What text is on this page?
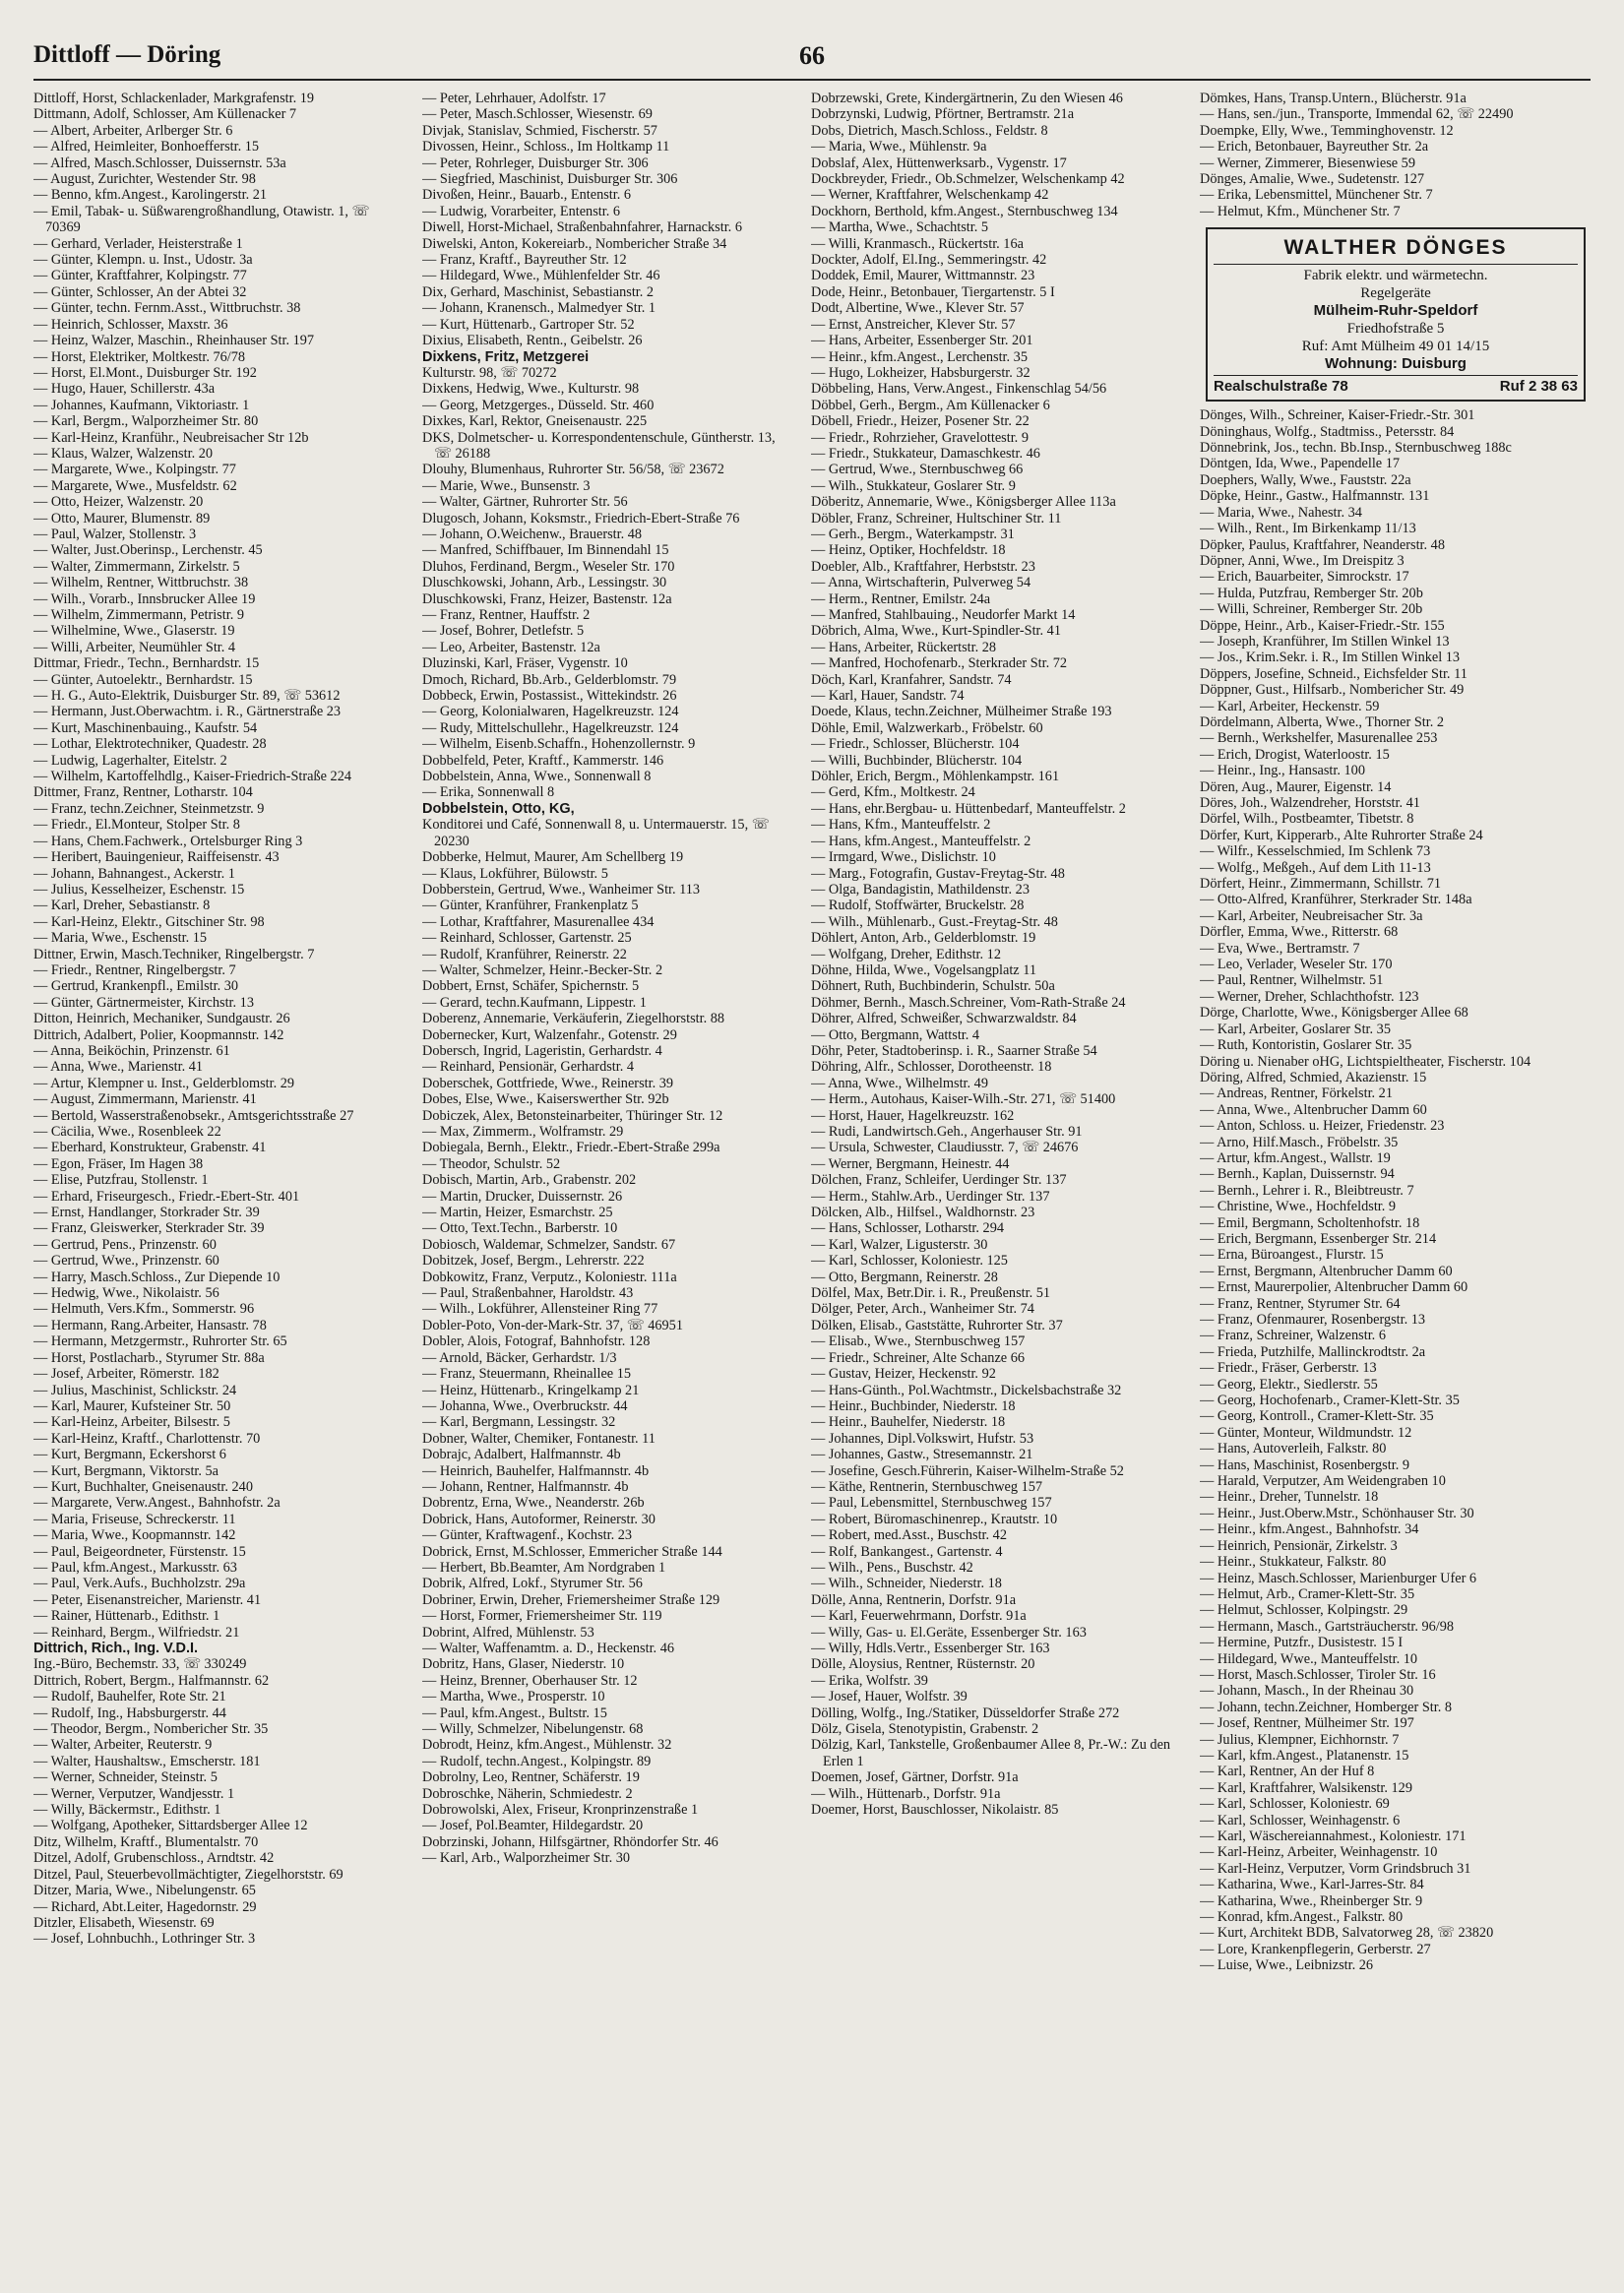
Dittloff — Döring	66
Dittloff, Horst, Schlackenlader, Markgrafenstr. 19
Dittmann, Adolf, Schlosser, Am Küllenacker 7
— Albert, Arbeiter, Arlberger Str. 6
— Alfred, Heimleiter, Bonhoefferstr. 15
— Alfred, Masch.Schlosser, Duissernstr. 53a
— August, Zurichter, Westender Str. 98
— Benno, kfm.Angest., Karolingerstr. 21
— Emil, Tabak- u. Süßwarengroßhandlung, Otawistr. 1, ☏ 70369
— Gerhard, Verlader, Heisterstraße 1
— Günter, Klempn. u. Inst., Udostr. 3a
— Günter, Kraftfahrer, Kolpingstr. 77
— Günter, Schlosser, An der Abtei 32
— Günter, techn. Fernm.Asst., Wittbruchstr. 38
— Heinrich, Schlosser, Maxstr. 36
— Heinz, Walzer, Maschin., Rheinhauser Str. 197
— Horst, Elektriker, Moltkestr. 76/78
— Horst, El.Mont., Duisburger Str. 192
— Hugo, Hauer, Schillerstr. 43a
— Johannes, Kaufmann, Viktoriastr. 1
— Karl, Bergm., Walporzheimer Str. 80
— Karl-Heinz, Kranführ., Neubreisacher Str 12b
— Klaus, Walzer, Walzenstr. 20
— Margarete, Wwe., Kolpingstr. 77
— Margarete, Wwe., Musfeldstr. 62
— Otto, Heizer, Walzenstr. 20
— Otto, Maurer, Blumenstr. 89
— Paul, Walzer, Stollenstr. 3
— Walter, Just.Oberinsp., Lerchenstr. 45
— Walter, Zimmermann, Zirkelstr. 5
— Wilhelm, Rentner, Wittbruchstr. 38
— Wilh., Vorarb., Innsbrucker Allee 19
— Wilhelm, Zimmermann, Petristr. 9
— Wilhelmine, Wwe., Glaserstr. 19
— Willi, Arbeiter, Neumühler Str. 4
Dittmar, Friedr., Techn., Bernhardstr. 15
— Günter, Autoelektr., Bernhardstr. 15
— H. G., Auto-Elektrik, Duisburger Str. 89, ☏ 53612
— Hermann, Just.Oberwachtm. i. R., Gärtnerstraße 23
— Kurt, Maschinenbauing., Kaufstr. 54
— Lothar, Elektrotechniker, Quadestr. 28
— Ludwig, Lagerhalter, Eitelstr. 2
— Wilhelm, Kartoffelhdlg., Kaiser-Friedrich-Straße 224
Dittmer, Franz, Rentner, Lotharstr. 104
— Franz, techn.Zeichner, Steinmetzstr. 9
— Friedr., El.Monteur, Stolper Str. 8
— Hans, Chem.Fachwerk., Ortelsburger Ring 3
— Heribert, Bauingenieur, Raiffeisenstr. 43
— Johann, Bahnangest., Ackerstr. 1
— Julius, Kesselheizer, Eschenstr. 15
— Karl, Dreher, Sebastianstr. 8
— Karl-Heinz, Elektr., Gitschiner Str. 98
— Maria, Wwe., Eschenstr. 15
Dittner, Erwin, Masch.Techniker, Ringelbergstr. 7
— Friedr., Rentner, Ringelbergstr. 7
— Gertrud, Krankenpfl., Emilstr. 30
— Günter, Gärtnermeister, Kirchstr. 13
Ditton, Heinrich, Mechaniker, Sundgaustr. 26
Dittrich, Adalbert, Polier, Koopmannstr. 142
— Anna, Beiköchin, Prinzenstr. 61
— Anna, Wwe., Marienstr. 41
— Artur, Klempner u. Inst., Gelderblomstr. 29
— August, Zimmermann, Marienstr. 41
— Bertold, Wasserstraßenobsekr., Amtsgerichtsstraße 27
— Cäcilia, Wwe., Rosenbleek 22
— Eberhard, Konstrukteur, Grabenstr. 41
— Egon, Fräser, Im Hagen 38
— Elise, Putzfrau, Stollenstr. 1
— Erhard, Friseurgesch., Friedr.-Ebert-Str. 401
— Ernst, Handlanger, Storkrader Str. 39
— Franz, Gleiswerker, Sterkrader Str. 39
— Gertrud, Pens., Prinzenstr. 60
— Gertrud, Wwe., Prinzenstr. 60
— Harry, Masch.Schloss., Zur Diepende 10
— Hedwig, Wwe., Nikolaistr. 56
— Helmuth, Vers.Kfm., Sommerstr. 96
— Hermann, Rang.Arbeiter, Hansastr. 78
— Hermann, Metzgermstr., Ruhrorter Str. 65
— Horst, Postlacharb., Styrumer Str. 88a
— Josef, Arbeiter, Römerstr. 182
— Julius, Maschinist, Schlickstr. 24
— Karl, Maurer, Kufsteiner Str. 50
— Karl-Heinz, Arbeiter, Bilsestr. 5
— Karl-Heinz, Kraftf., Charlottenstr. 70
— Kurt, Bergmann, Eckershorst 6
— Kurt, Bergmann, Viktorstr. 5a
— Kurt, Buchhalter, Gneisenaustr. 240
— Margarete, Verw.Angest., Bahnhofstr. 2a
— Maria, Friseuse, Schreckerstr. 11
— Maria, Wwe., Koopmannstr. 142
— Paul, Beigeordneter, Fürstenstr. 15
— Paul, kfm.Angest., Markusstr. 63
— Paul, Verk.Aufs., Buchholzstr. 29a
— Peter, Eisenanstreicher, Marienstr. 41
— Rainer, Hüttenarb., Edithstr. 1
— Reinhard, Bergm., Wilfriedstr. 21
Dittrich, Rich., Ing. V.D.I.
Ing.-Büro, Bechemstr. 33, ☏ 330249
Dittrich, Robert, Bergm., Halfmannstr. 62
— Rudolf, Bauhelfer, Rote Str. 21
— Rudolf, Ing., Habsburgerstr. 44
— Theodor, Bergm., Nombericher Str. 35
— Walter, Arbeiter, Reuterstr. 9
— Walter, Haushaltsw., Emscherstr. 181
— Werner, Schneider, Steinstr. 5
— Werner, Verputzer, Wandjesstr. 1
— Willy, Bäckermstr., Edithstr. 1
— Wolfgang, Apotheker, Sittardsberger Allee 12
Ditz, Wilhelm, Kraftf., Blumentalstr. 70
Ditzel, Adolf, Grubenschloss., Arndtstr. 42
Ditzel, Paul, Steuerbevollmächtigter, Ziegelhorststr. 69
Ditzer, Maria, Wwe., Nibelungenstr. 65
— Richard, Abt.Leiter, Hagedornstr. 29
Ditzler, Elisabeth, Wiesenstr. 69
— Josef, Lohnbuchh., Lothringer Str. 3
— Peter, Lehrhauer, Adolfstr. 17
— Peter, Masch.Schlosser, Wiesenstr. 69
Divjak, Stanislav, Schmied, Fischerstr. 57
Divossen, Heinr., Schloss., Im Holtkamp 11
— Peter, Rohrleger, Duisburger Str. 306
— Siegfried, Maschinist, Duisburger Str. 306
Divoßen, Heinr., Bauarb., Entenstr. 6
— Ludwig, Vorarbeiter, Entenstr. 6
Diwell, Horst-Michael, Straßenbahnfahrer, Harnackstr. 6
Diwelski, Anton, Kokereiarb., Nombericher Straße 34
— Franz, Kraftf., Bayreuther Str. 12
— Hildegard, Wwe., Mühlenfelder Str. 46
Dix, Gerhard, Maschinist, Sebastianstr. 2
— Johann, Kranensch., Malmedyer Str. 1
— Kurt, Hüttenarb., Gartroper Str. 52
Dixius, Elisabeth, Rentn., Geibelstr. 26
Dixkens, Fritz, Metzgerei
Kulturstr. 98, ☏ 70272
Dixkens, Hedwig, Wwe., Kulturstr. 98
— Georg, Metzgerges., Düsseld. Str. 460
Dixkes, Karl, Rektor, Gneisenaustr. 225
DKS, Dolmetscher- u. Korrespondentenschule, Güntherstr. 13, ☏ 26188
Dlouhy, Blumenhaus, Ruhrorter Str. 56/58, ☏ 23672
— Marie, Wwe., Bunsenstr. 3
— Walter, Gärtner, Ruhrorter Str. 56
Dlugosch, Johann, Koksmstr., Friedrich-Ebert-Straße 76
— Johann, O.Weichenw., Brauerstr. 48
— Manfred, Schiffbauer, Im Binnendahl 15
Dluhos, Ferdinand, Bergm., Weseler Str. 170
Dluschkowski, Johann, Arb., Lessingstr. 30
Dluschkowski, Franz, Heizer, Bastenstr. 12a
— Franz, Rentner, Hauffstr. 2
— Josef, Bohrer, Detlefstr. 5
— Leo, Arbeiter, Bastenstr. 12a
Dluzinski, Karl, Fräser, Vygenstr. 10
Dmoch, Richard, Bb.Arb., Gelderblomstr. 79
Dobbeck, Erwin, Postassist., Wittekindstr. 26
— Georg, Kolonialwaren, Hagelkreuzstr. 124
— Rudy, Mittelschullehr., Hagelkreuzstr. 124
— Wilhelm, Eisenb.Schaffn., Hohenzollernstr. 9
Dobbelfeld, Peter, Kraftf., Kammerstr. 146
Dobbelstein, Anna, Wwe., Sonnenwall 8
— Erika, Sonnenwall 8
Dobbelstein, Otto, KG,
Konditorei und Café, Sonnenwall 8, u. Untermauerstr. 15, ☏ 20230
Dobberke, Helmut, Maurer, Am Schellberg 19
— Klaus, Lokführer, Bülowstr. 5
Dobberstein, Gertrud, Wwe., Wanheimer Str. 113
— Günter, Kranführer, Frankenplatz 5
— Lothar, Kraftfahrer, Masurenallee 434
— Reinhard, Schlosser, Gartenstr. 25
— Rudolf, Kranführer, Reinerstr. 22
— Walter, Schmelzer, Heinr.-Becker-Str. 2
Dobbert, Ernst, Schäfer, Spichernstr. 5
— Gerard, techn.Kaufmann, Lippestr. 1
Doberenz, Annemarie, Verkäuferin, Ziegelhorststr. 88
Dobernecker, Kurt, Walzenfahr., Gotenstr. 29
Dobersch, Ingrid, Lageristin, Gerhardstr. 4
— Reinhard, Pensionär, Gerhardstr. 4
Doberschek, Gottfriede, Wwe., Reinerstr. 39
Dobes, Else, Wwe., Kaiserswerther Str. 92b
Dobiczek, Alex, Betonsteinarbeiter, Thüringer Str. 12
— Max, Zimmerm., Wolframstr. 29
Dobiegala, Bernh., Elektr., Friedr.-Ebert-Straße 299a
— Theodor, Schulstr. 52
Dobisch, Martin, Arb., Grabenstr. 202
— Martin, Drucker, Duissernstr. 26
— Martin, Heizer, Esmarchstr. 25
— Otto, Text.Techn., Barberstr. 10
Dobiosch, Waldemar, Schmelzer, Sandstr. 67
Dobitzek, Josef, Bergm., Lehrerstr. 222
Dobkowitz, Franz, Verputz., Koloniestr. 111a
— Paul, Straßenbahner, Haroldstr. 43
— Wilh., Lokführer, Allensteiner Ring 77
Dobler-Poto, Von-der-Mark-Str. 37, ☏ 46951
Dobler, Alois, Fotograf, Bahnhofstr. 128
— Arnold, Bäcker, Gerhardstr. 1/3
— Franz, Steuermann, Rheinallee 15
— Heinz, Hüttenarb., Kringelkamp 21
— Johanna, Wwe., Overbruckstr. 44
— Karl, Bergmann, Lessingstr. 32
Dobner, Walter, Chemiker, Fontanestr. 11
Dobrajc, Adalbert, Halfmannstr. 4b
— Heinrich, Bauhelfer, Halfmannstr. 4b
— Johann, Rentner, Halfmannstr. 4b
Dobrentz, Erna, Wwe., Neanderstr. 26b
Dobrick, Hans, Autoformer, Reinerstr. 30
— Günter, Kraftwagenf., Kochstr. 23
Dobrick, Ernst, M.Schlosser, Emmericher Straße 144
— Herbert, Bb.Beamter, Am Nordgraben 1
Dobrik, Alfred, Lokf., Styrumer Str. 56
Dobriner, Erwin, Dreher, Friemersheimer Straße 129
— Horst, Former, Friemersheimer Str. 119
Dobrint, Alfred, Mühlenstr. 53
— Walter, Waffenamtm. a. D., Heckenstr. 46
Dobritz, Hans, Glaser, Niederstr. 10
— Heinz, Brenner, Oberhauser Str. 12
— Martha, Wwe., Prosperstr. 10
— Paul, kfm.Angest., Bultstr. 15
— Willy, Schmelzer, Nibelungenstr. 68
Dobrodt, Heinz, kfm.Angest., Mühlenstr. 32
— Rudolf, techn.Angest., Kolpingstr. 89
Dobrolny, Leo, Rentner, Schäferstr. 19
Dobroschke, Näherin, Schmiedestr. 2
Dobrowolski, Alex, Friseur, Kronprinzenstraße 1
— Josef, Pol.Beamter, Hildegardstr. 20
Dobrzinski, Johann, Hilfsgärtner, Rhöndorfer Str. 46
— Karl, Arb., Walporzheimer Str. 30
Dobrzewski, Grete, Kindergärtnerin, Zu den Wiesen 46
Dobrzynski, Ludwig, Pförtner, Bertramstr. 21a
Dobs, Dietrich, Masch.Schloss., Feldstr. 8
— Maria, Wwe., Mühlenstr. 9a
Dobslaf, Alex, Hüttenwerksarb., Vygenstr. 17
Dockbreyder, Friedr., Ob.Schmelzer, Welschenkamp 42
— Werner, Kraftfahrer, Welschenkamp 42
Dockhorn, Berthold, kfm.Angest., Sternbuschweg 134
— Martha, Wwe., Schachtstr. 5
— Willi, Kranmasch., Rückertstr. 16a
Dockter, Adolf, El.Ing., Semmeringstr. 42
Doddek, Emil, Maurer, Wittmannstr. 23
Dode, Heinr., Betonbauer, Tiergartenstr. 5 I
Dodt, Albertine, Wwe., Klever Str. 57
— Ernst, Anstreicher, Klever Str. 57
— Hans, Arbeiter, Essenberger Str. 201
— Heinr., kfm.Angest., Lerchenstr. 35
— Hugo, Lokheizer, Habsburgerstr. 32
Döbbeling, Hans, Verw.Angest., Finkenschlag 54/56
Döbbel, Gerh., Bergm., Am Küllenacker 6
Döbell, Friedr., Heizer, Posener Str. 22
— Friedr., Rohrzieher, Gravelottestr. 9
— Friedr., Stukkateur, Damaschkestr. 46
— Gertrud, Wwe., Sternbuschweg 66
— Wilh., Stukkateur, Goslarer Str. 9
Döberitz, Annemarie, Wwe., Königsberger Allee 113a
Döbler, Franz, Schreiner, Hultschiner Str. 11
— Gerh., Bergm., Waterkampstr. 31
— Heinz, Optiker, Hochfeldstr. 18
Doebler, Alb., Kraftfahrer, Herbststr. 23
— Anna, Wirtschafterin, Pulverweg 54
— Herm., Rentner, Emilstr. 24a
— Manfred, Stahlbauing., Neudorfer Markt 14
Döbrich, Alma, Wwe., Kurt-Spindler-Str. 41
— Hans, Arbeiter, Rückertstr. 28
— Manfred, Hochofenarb., Sterkrader Str. 72
Döch, Karl, Kranfahrer, Sandstr. 74
— Karl, Hauer, Sandstr. 74
Doede, Klaus, techn.Zeichner, Mülheimer Straße 193
Döhle, Emil, Walzwerkarb., Fröbelstr. 60
— Friedr., Schlosser, Blücherstr. 104
— Willi, Buchbinder, Blücherstr. 104
Döhler, Erich, Bergm., Möhlenkampstr. 161
— Gerd, Kfm., Moltkestr. 24
— Hans, ehr.Bergbau- u. Hüttenbedarf, Manteuffelstr. 2
— Hans, Kfm., Manteuffelstr. 2
— Hans, kfm.Angest., Manteuffelstr. 2
— Irmgard, Wwe., Dislichstr. 10
— Marg., Fotografin, Gustav-Freytag-Str. 48
— Olga, Bandagistin, Mathildenstr. 23
— Rudolf, Stoffwärter, Bruckelstr. 28
— Wilh., Mühlenarb., Gust.-Freytag-Str. 48
Döhlert, Anton, Arb., Gelderblomstr. 19
— Wolfgang, Dreher, Edithstr. 12
Döhne, Hilda, Wwe., Vogelsangplatz 11
Döhnert, Ruth, Buchbinderin, Schulstr. 50a
Döhmer, Bernh., Masch.Schreiner, Vom-Rath-Straße 24
Döhrer, Alfred, Schweißer, Schwarzwaldstr. 84
— Otto, Bergmann, Wattstr. 4
Döhr, Peter, Stadtoberinsp. i. R., Saarner Straße 54
Döhring, Alfr., Schlosser, Dorotheenstr. 18
— Anna, Wwe., Wilhelmstr. 49
— Herm., Autohaus, Kaiser-Wilh.-Str. 271, ☏ 51400
— Horst, Hauer, Hagelkreuzstr. 162
— Rudi, Landwirtsch.Geh., Angerhauser Str. 91
— Ursula, Schwester, Claudiusstr. 7, ☏ 24676
— Werner, Bergmann, Heinestr. 44
Dölchen, Franz, Schleifer, Uerdinger Str. 137
— Herm., Stahlw.Arb., Uerdinger Str. 137
Dölcken, Alb., Hilfsel., Waldhornstr. 23
— Hans, Schlosser, Lotharstr. 294
— Karl, Walzer, Ligusterstr. 30
— Karl, Schlosser, Koloniestr. 125
— Otto, Bergmann, Reinerstr. 28
Dölfel, Max, Betr.Dir. i. R., Preußenstr. 51
Dölger, Peter, Arch., Wanheimer Str. 74
Dölken, Elisab., Gaststätte, Ruhrorter Str. 37
— Elisab., Wwe., Sternbuschweg 157
— Friedr., Schreiner, Alte Schanze 66
— Gustav, Heizer, Heckenstr. 92
— Hans-Günth., Pol.Wachtmstr., Dickelsbachstraße 32
— Heinr., Buchbinder, Niederstr. 18
— Heinr., Bauhelfer, Niederstr. 18
— Johannes, Dipl.Volkswirt, Hufstr. 53
— Johannes, Gastw., Stresemannstr. 21
— Josefine, Gesch.Führerin, Kaiser-Wilhelm-Straße 52
— Käthe, Rentnerin, Sternbuschweg 157
— Paul, Lebensmittel, Sternbuschweg 157
— Robert, Büromaschinenrep., Krautstr. 10
— Robert, med.Asst., Buschstr. 42
— Rolf, Bankangest., Gartenstr. 4
— Wilh., Pens., Buschstr. 42
— Wilh., Schneider, Niederstr. 18
Dölle, Anna, Rentnerin, Dorfstr. 91a
— Karl, Feuerwehrmann, Dorfstr. 91a
— Willy, Gas- u. El.Geräte, Essenberger Str. 163
— Willy, Hdls.Vertr., Essenberger Str. 163
Dölle, Aloysius, Rentner, Rüsternstr. 20
— Erika, Wolfstr. 39
— Josef, Hauer, Wolfstr. 39
Dölling, Wolfg., Ing./Statiker, Düsseldorfer Straße 272
Dölz, Gisela, Stenotypistin, Grabenstr. 2
Dölzig, Karl, Tankstelle, Großenbaumer Allee 8, Pr.-W.: Zu den Erlen 1
Doemen, Josef, Gärtner, Dorfstr. 91a
— Wilh., Hüttenarb., Dorfstr. 91a
Doemer, Horst, Bauschlosser, Nikolaistr. 85
Dömkes, Hans, Transp.Untern., Blücherstr. 91a
— Hans, sen./jun., Transporte, Immendal 62, ☏ 22490
Doempke, Elly, Wwe., Temminghovenstr. 12
— Erich, Betonbauer, Bayreuther Str. 2a
— Werner, Zimmerer, Biesenwiese 59
Dönges, Amalie, Wwe., Sudetenstr. 127
— Erika, Lebensmittel, Münchener Str. 7
— Helmut, Kfm., Münchener Str. 7
WALTHER DÖNGES
Fabrik elektr. und wärmetechn.
Regelgeräte
Mülheim-Ruhr-Speldorf
Friedhofstraße 5
Ruf: Amt Mülheim 49 01 14/15
Wohnung: Duisburg
Realschulstraße 78	Ruf 2 38 63
Dönges, Wilh., Schreiner, Kaiser-Friedr.-Str. 301
Döninghaus, Wolfg., Stadtmiss., Petersstr. 84
Dönnebrink, Jos., techn. Bb.Insp., Sternbuschweg 188c
Döntgen, Ida, Wwe., Papendelle 17
Doephers, Wally, Wwe., Fauststr. 22a
Döpke, Heinr., Gastw., Halfmannstr. 131
— Maria, Wwe., Nahestr. 34
— Wilh., Rent., Im Birkenkamp 11/13
Döpker, Paulus, Kraftfahrer, Neanderstr. 48
Döpner, Anni, Wwe., Im Dreispitz 3
— Erich, Bauarbeiter, Simrockstr. 17
— Hulda, Putzfrau, Remberger Str. 20b
— Willi, Schreiner, Remberger Str. 20b
Döppe, Heinr., Arb., Kaiser-Friedr.-Str. 155
— Joseph, Kranführer, Im Stillen Winkel 13
— Jos., Krim.Sekr. i. R., Im Stillen Winkel 13
Döppers, Josefine, Schneid., Eichsfelder Str. 11
Döppner, Gust., Hilfsarb., Nombericher Str. 49
— Karl, Arbeiter, Heckenstr. 59
Dördelmann, Alberta, Wwe., Thorner Str. 2
— Bernh., Werkshelfer, Masurenallee 253
— Erich, Drogist, Waterloostr. 15
— Heinr., Ing., Hansastr. 100
Dören, Aug., Maurer, Eigenstr. 14
Döres, Joh., Walzendreher, Horststr. 41
Dörfel, Wilh., Postbeamter, Tibetstr. 8
Dörfer, Kurt, Kipperarb., Alte Ruhrorter Straße 24
— Wilfr., Kesselschmied, Im Schlenk 73
— Wolfg., Meßgeh., Auf dem Lith 11-13
Dörfert, Heinr., Zimmermann, Schillstr. 71
— Otto-Alfred, Kranführer, Sterkrader Str. 148a
— Karl, Arbeiter, Neubreisacher Str. 3a
Dörfler, Emma, Wwe., Ritterstr. 68
— Eva, Wwe., Bertramstr. 7
— Leo, Verlader, Weseler Str. 170
— Paul, Rentner, Wilhelmstr. 51
— Werner, Dreher, Schlachthofstr. 123
Dörge, Charlotte, Wwe., Königsberger Allee 68
— Karl, Arbeiter, Goslarer Str. 35
— Ruth, Kontoristin, Goslarer Str. 35
Döring u. Nienaber oHG, Lichtspieltheater, Fischerstr. 104
Döring, Alfred, Schmied, Akazienstr. 15
— Andreas, Rentner, Förkelstr. 21
— Anna, Wwe., Altenbrucher Damm 60
— Anton, Schloss. u. Heizer, Friedenstr. 23
— Arno, Hilf.Masch., Fröbelstr. 35
— Artur, kfm.Angest., Wallstr. 19
— Bernh., Kaplan, Duissernstr. 94
— Bernh., Lehrer i. R., Bleibtreustr. 7
— Christine, Wwe., Hochfeldstr. 9
— Emil, Bergmann, Scholtenhofstr. 18
— Erich, Bergmann, Essenberger Str. 214
— Erna, Büroangest., Flurstr. 15
— Ernst, Bergmann, Altenbrucher Damm 60
— Ernst, Maurerpolier, Altenbrucher Damm 60
— Franz, Rentner, Styrumer Str. 64
— Franz, Ofenmaurer, Rosenbergstr. 13
— Franz, Schreiner, Walzenstr. 6
— Frieda, Putzhilfe, Mallinckrodtstr. 2a
— Friedr., Fräser, Gerberstr. 13
— Georg, Elektr., Siedlerstr. 55
— Georg, Hochofenarb., Cramer-Klett-Str. 35
— Georg, Kontroll., Cramer-Klett-Str. 35
— Günter, Monteur, Wildmundstr. 12
— Hans, Autoverleih, Falkstr. 80
— Hans, Maschinist, Rosenbergstr. 9
— Harald, Verputzer, Am Weidengraben 10
— Heinr., Dreher, Tunnelstr. 18
— Heinr., Just.Oberw.Mstr., Schönhauser Str. 30
— Heinr., kfm.Angest., Bahnhofstr. 34
— Heinrich, Pensionär, Zirkelstr. 3
— Heinr., Stukkateur, Falkstr. 80
— Heinz, Masch.Schlosser, Marienburger Ufer 6
— Helmut, Arb., Cramer-Klett-Str. 35
— Helmut, Schlosser, Kolpingstr. 29
— Hermann, Masch., Gartsträucherstr. 96/98
— Hermine, Putzfr., Dusistestr. 15 I
— Hildegard, Wwe., Manteuffelstr. 10
— Horst, Masch.Schlosser, Tiroler Str. 16
— Johann, Masch., In der Rheinau 30
— Johann, techn.Zeichner, Homberger Str. 8
— Josef, Rentner, Mülheimer Str. 197
— Julius, Klempner, Eichhornstr. 7
— Karl, kfm.Angest., Platanenstr. 15
— Karl, Rentner, An der Huf 8
— Karl, Kraftfahrer, Walsikenstr. 129
— Karl, Schlosser, Koloniestr. 69
— Karl, Schlosser, Weinhagenstr. 6
— Karl, Wäschereiannahmest., Koloniestr. 171
— Karl-Heinz, Arbeiter, Weinhagenstr. 10
— Karl-Heinz, Verputzer, Vorm Grindsbruch 31
— Katharina, Wwe., Karl-Jarres-Str. 84
— Katharina, Wwe., Rheinberger Str. 9
— Konrad, kfm.Angest., Falkstr. 80
— Kurt, Architekt BDB, Salvatorweg 28, ☏ 23820
— Lore, Krankenpflegerin, Gerberstr. 27
— Luise, Wwe., Leibnizstr. 26
